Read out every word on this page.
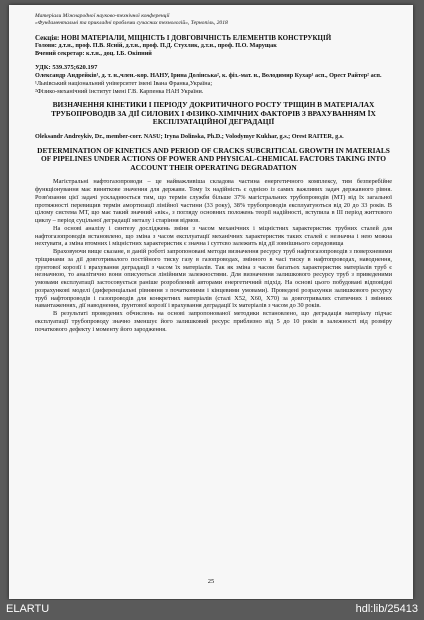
Матеріали Міжнародної науково-технічної конференції
«Фундаментальні та прикладні проблеми сучасних технологій», Тернопіль, 2018
Секція: НОВІ МАТЕРІАЛИ, МІЦНІСТЬ І ДОВГОВІЧНІСТЬ ЕЛЕМЕНТІВ КОНСТРУКЦІЙ
Голови: д.т.н., проф. П.В. Ясній, д.т.н., проф. П.Д. Стухляк, д.т.н., проф. П.О. Марущак
Вчений секретар: к.т.н., доц. І.Б. Окіпний
УДК: 539.375;620.197
Олександр Андрейків¹, д. т. н.,член.-кор. НАНУ, Ірина Долінська², к. фіз.-мат. н., Володимир Кухар¹ асп., Орест Райтер² асп.
¹Львівський національний університет імені Івана Франка,Україна;
²Фізико-механічний інститут імені Г.В. Карпенка НАН України.
ВИЗНАЧЕННЯ КІНЕТИКИ І ПЕРІОДУ ДОКРИТИЧНОГО РОСТУ ТРІЩИН В МАТЕРІАЛАХ ТРУБОПРОВОДІВ ЗА ДІЇ СИЛОВИХ І ФІЗИКО-ХІМІЧНИХ ФАКТОРІВ З ВРАХУВАННЯМ ЇХ ЕКСПЛУАТАЦІЙНОЇ ДЕГРАДАЦІЇ
Oleksandr Andreykiv, Dr., member-corr. NASU; Iryna Dolinska, Ph.D.; Volodymyr Kukhar, g.s.; Orest RAITER, g.s.
DETERMINATION OF KINETICS AND PERIOD OF CRACKS SUBCRITICAL GROWTH IN MATERIALS OF PIPELINES UNDER ACTIONS OF POWER AND PHYSICAL-CHEMICAL FACTORS TAKING INTO ACCOUNT THEIR OPERATING DEGRADATION

Магістральні нафтогазопроводи – це найважливіша складова частина енергетичного комплексу, тим безперебійне функціонування має виняткове значення для держави. Тому їх надійність є однією із самих важливих задач державного рівня. Розв'язання цієї задачі ускладнюється тим, що термін служби більше 37% магістральних трубопроводів (МТ) від їх загальної протяжності перевищив термін амортизації лінійної частини (33 року), 38% трубопроводів експлуатуються від 20 до 33 років. В цілому система МТ, що має такий значний «вік», з погляду основних положень теорії надійності, вступила в ІІІ період життєвого циклу – період суцільної деградації металу і старіння відмов.

На основі аналізу і синтезу досліджень зміни з часом механічних і міцністних характеристик трубних сталей для нафтогазопроводів встановлено, що зміна з часом експлуатації механічних характеристик таких сталей є незначна і нею можна нехтувати, а зміна втомних і міцністних характеристик є значна і суттєво залежить від дії зовнішнього середовища

Враховуючи вище сказане, в даній роботі запропоновані методи визначення ресурсу труб нафтогазопроводів з поверхневими тріщинами за дії довготривалого постійного тиску газу в газопроводах, змінного в часі тиску в нафтопроводах, наводнення, ґрунтової корозії і врахування деградації з часом їх матеріалів. Так як зміна з часом багатьох характеристик матеріалів труб є незначною, то аналітично вони описуються лінійними залежностями. Для визначення залишкового ресурсу труб з приведеними умовами експлуатації застосовується раніше розроблений авторами енергетичний підхід. На основі цього побудовані відповідні розрахункові моделі (диференціальні рівняння з початковими і кінцевими умовами). Проведені розрахунки залишкового ресурсу труб нафтопроводів і газопроводів для конкретних матеріалів (сталі Х52, Х60, Х70) за довготривалих статичних і змінних навантаженнях, дії наводнення, ґрунтової корозії і врахування деградації їх матеріалів з часом до 30 років.

В результаті проведених обчислень на основі запропонованої методики встановлено, що деградація матеріалу підчас експлуатації трубопроводу значно зменшує його залишковий ресурс приблизно від 5 до 10 років в залежності від розміру початкового дефекту і моменту його зародження.

25
ELARTU	hdl:lib/25413
